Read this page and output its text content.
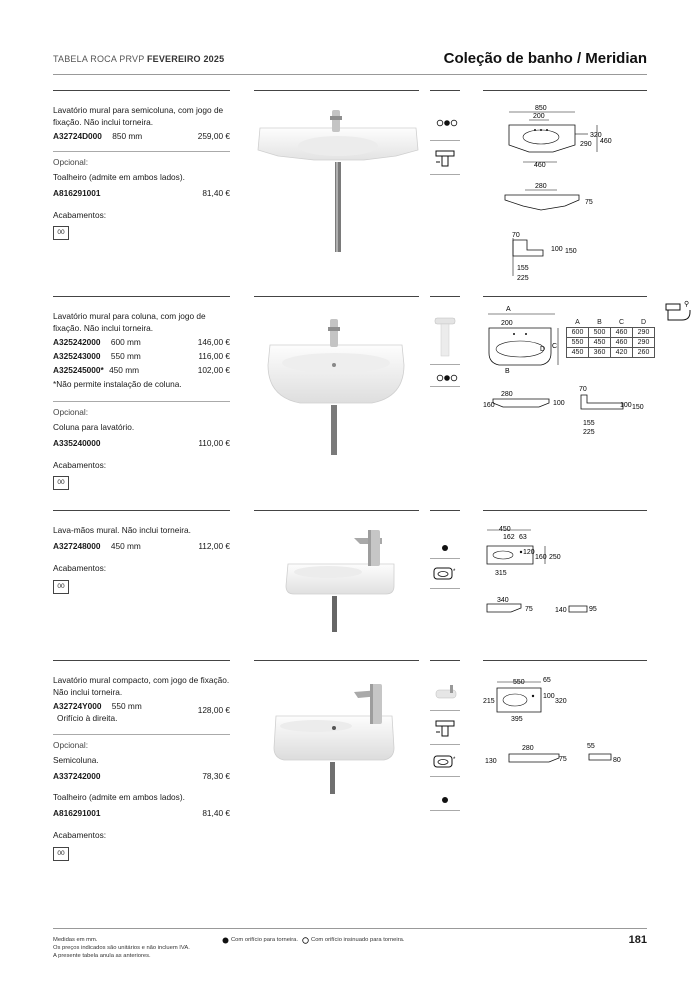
TABELA ROCA PRVP FEVEREIRO 2025	Coleção de banho / Meridian
Lavatório mural para semicoluna, com jogo de fixação. Não inclui torneira.
A32724D000 850 mm	259,00 €
Opcional:
Toalheiro (admite em ambos lados).
A816291001	81,40 €
Acabamentos:
00
850
200
320
290 460
460
280
75
70
100 150
155
225
Lavatório mural para coluna, com jogo de fixação. Não inclui torneira.
A325242000 600 mm	146,00 €
A325243000 550 mm	116,00 €
A325245000* 450 mm	102,00 €
*Não permite instalação de coluna.
Opcional:
Coluna para lavatório.
A335240000	110,00 €
Acabamentos:
00
A
200
D C
B
280
160	100
70
100 150
155
225
A	B	C	D
600	500	460	290
550	450	460	290
450	360	420	260
⚲
Lava-mãos mural. Não inclui torneira.
A327248000 450 mm	112,00 €
Acabamentos:
00
*
450
162 63
120
160 250
315
340
75	140	95
Lavatório mural compacto, com jogo de fixação. Não inclui torneira.
A32724Y000 550 mm	128,00 €
Orifício à direita.
Opcional:
Semicoluna.
A337242000	78,30 €
Toalheiro (admite em ambos lados).
A816291001	81,40 €
Acabamentos:
00
*
550	65
215
100
320
395
280
130	75
55
80
Medidas em mm.
Os preços indicados são unitários e não incluem IVA.
A presente tabela anula as anteriores.
Com orifício para torneira. Com orifício insinuado para torneira.	181
